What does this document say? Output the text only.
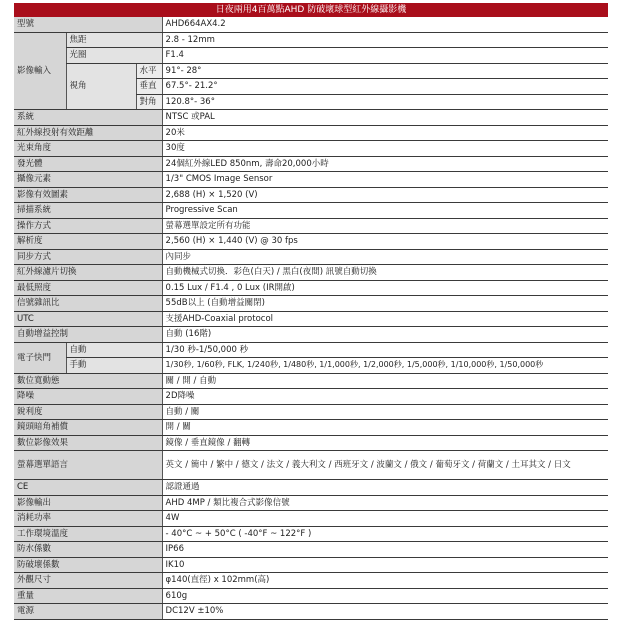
日夜兩用4百萬點AHD 防破壞球型紅外線攝影機
型號			AHD664AX4.2
影像輸入	焦距		2.8 - 12mm
	光圈		F1.4
	視角	水平	91°- 28°
		垂直	67.5°- 21.2°
		對角	120.8°- 36°
系統			NTSC 或PAL
紅外線投射有效距離			20米
光束角度			30度
發光體			24個紅外線LED 850nm, 壽命20,000小時
攝像元素			1/3" CMOS Image Sensor
影像有效圖素			2,688 (H) × 1,520 (V)
掃描系統			Progressive Scan
操作方式			螢幕選單設定所有功能
解析度			2,560 (H) × 1,440 (V) @ 30 fps
同步方式			內同步
紅外線濾片切換			自動機械式切換．彩色(白天) / 黑白(夜間) 訊號自動切換
最低照度			0.15 Lux / F1.4 , 0 Lux (IR開啟)
信號雜訊比			55dB以上 (自動增益關閉)
UTC			支援AHD-Coaxial protocol
自動增益控制			自動 (16階)
電子快門	自動		1/30 秒-1/50,000 秒
	手動		1/30秒, 1/60秒, FLK, 1/240秒, 1/480秒, 1/1,000秒, 1/2,000秒, 1/5,000秒, 1/10,000秒, 1/50,000秒
數位寬動態			關 / 開 / 自動
降噪			2D降噪
銳利度			自動 / 關
鏡頭暗角補償			開 / 關
數位影像效果			鏡像 / 垂直鏡像 / 翻轉
螢幕選單語言			英文 / 簡中 / 繁中 / 德文 / 法文 / 義大利文 / 西班牙文 / 波蘭文 / 俄文 / 葡萄牙文 / 荷蘭文 / 土耳其文 / 日文
CE			認證通過
影像輸出			AHD 4MP / 類比複合式影像信號
消耗功率			4W
工作環境溫度			- 40°C ~ + 50°C ( -40°F ~ 122°F )
防水係數			IP66
防破壞係數			IK10
外觀尺寸			φ140(直徑) x 102mm(高)
重量			610g
電源			DC12V ±10%
